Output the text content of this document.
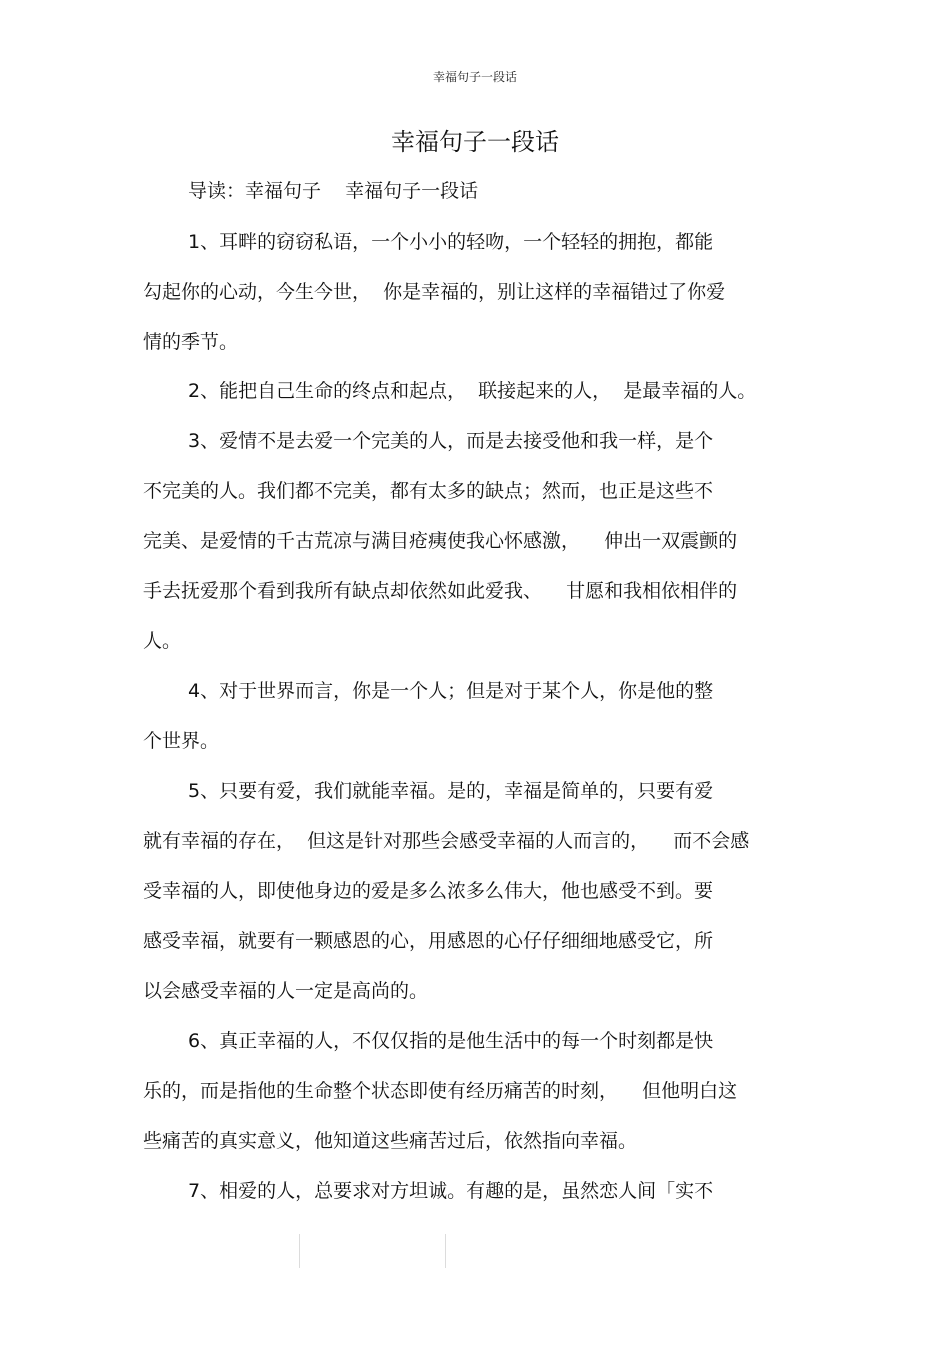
幸福句子一段话
幸福句子一段话
导读：幸福句子    幸福句子一段话
1、耳畔的窃窃私语，一个小小的轻吻，一个轻轻的拥抱，都能
勾起你的心动，今生今世，  你是幸福的，别让这样的幸福错过了你爱
情的季节。
2、能把自己生命的终点和起点，  联接起来的人，  是最幸福的人。
3、爱情不是去爱一个完美的人，而是去接受他和我一样，是个
不完美的人。我们都不完美，都有太多的缺点；然而，也正是这些不
完美、是爱情的千古荒凉与满目疮痍使我心怀感激，    伸出一双震颤的
手去抚爱那个看到我所有缺点却依然如此爱我、    甘愿和我相依相伴的
人。
4、对于世界而言，你是一个人；但是对于某个人，你是他的整
个世界。
5、只要有爱，我们就能幸福。是的，幸福是简单的，只要有爱
就有幸福的存在，  但这是针对那些会感受幸福的人而言的，    而不会感
受幸福的人，即使他身边的爱是多么浓多么伟大，他也感受不到。要
感受幸福，就要有一颗感恩的心，用感恩的心仔仔细细地感受它，所
以会感受幸福的人一定是高尚的。
6、真正幸福的人，不仅仅指的是他生活中的每一个时刻都是快
乐的，而是指他的生命整个状态即使有经历痛苦的时刻，    但他明白这
些痛苦的真实意义，他知道这些痛苦过后，依然指向幸福。
7、相爱的人，总要求对方坦诚。有趣的是，虽然恋人间「实不
